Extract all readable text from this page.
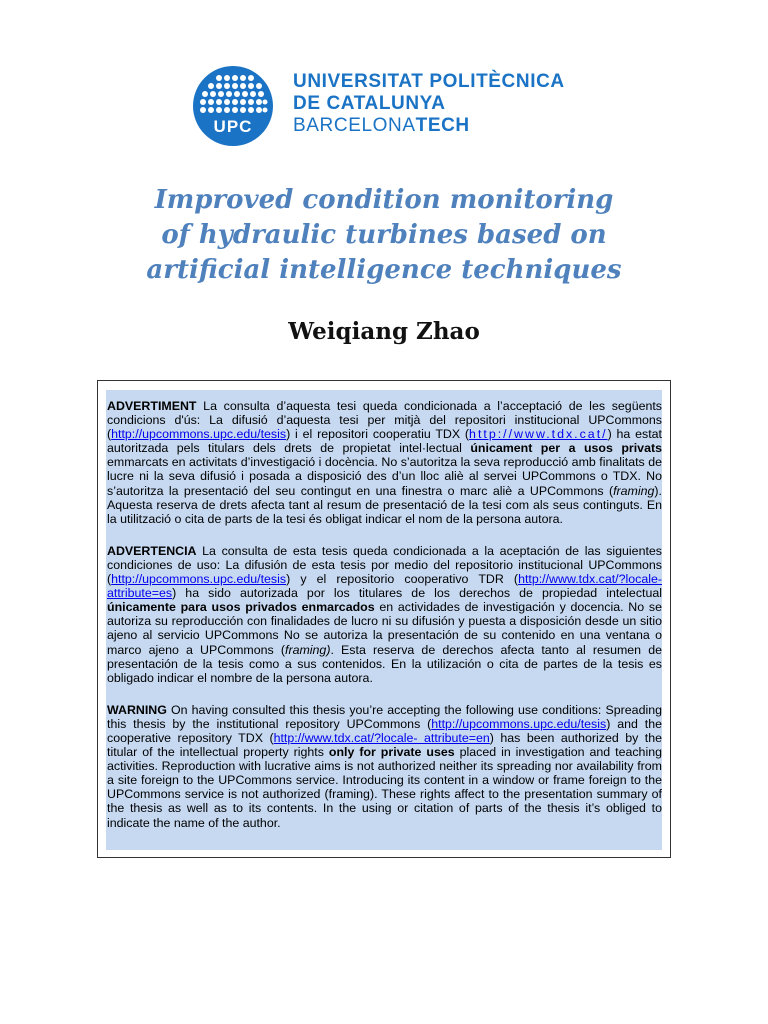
UPC
UNIVERSITAT POLITÈCNICA
DE CATALUNYA
BARCELONATECH
Improved condition monitoring
of hydraulic turbines based on
artificial intelligence techniques
Weiqiang Zhao

ADVERTIMENT La consulta d’aquesta tesi queda condicionada a l’acceptació de les següents condicions d'ús: La difusió d’aquesta tesi per mitjà del repositori institucional UPCommons (http://upcommons.upc.edu/tesis) i el repositori cooperatiu TDX (http://www.tdx.cat/) ha estat autoritzada pels titulars dels drets de propietat intel·lectual únicament per a usos privats emmarcats en activitats d’investigació i docència. No s’autoritza la seva reproducció amb finalitats de lucre ni la seva difusió i posada a disposició des d’un lloc aliè al servei UPCommons o TDX. No s’autoritza la presentació del seu contingut en una finestra o marc aliè a UPCommons (framing). Aquesta reserva de drets afecta tant al resum de presentació de la tesi com als seus continguts. En la utilització o cita de parts de la tesi és obligat indicar el nom de la persona autora.

ADVERTENCIA La consulta de esta tesis queda condicionada a la aceptación de las siguientes condiciones de uso: La difusión de esta tesis por medio del repositorio institucional UPCommons (http://upcommons.upc.edu/tesis) y el repositorio cooperativo TDR (http://www.tdx.cat/?locale-attribute=es) ha sido autorizada por los titulares de los derechos de propiedad intelectual únicamente para usos privados enmarcados en actividades de investigación y docencia. No se autoriza su reproducción con finalidades de lucro ni su difusión y puesta a disposición desde un sitio ajeno al servicio UPCommons No se autoriza la presentación de su contenido en una ventana o marco ajeno a UPCommons (framing). Esta reserva de derechos afecta tanto al resumen de presentación de la tesis como a sus contenidos. En la utilización o cita de partes de la tesis es obligado indicar el nombre de la persona autora.

WARNING On having consulted this thesis you’re accepting the following use conditions: Spreading this thesis by the institutional repository UPCommons (http://upcommons.upc.edu/tesis) and the cooperative repository TDX (http://www.tdx.cat/?locale- attribute=en) has been authorized by the titular of the intellectual property rights only for private uses placed in investigation and teaching activities. Reproduction with lucrative aims is not authorized neither its spreading nor availability from a site foreign to the UPCommons service. Introducing its content in a window or frame foreign to the UPCommons service is not authorized (framing). These rights affect to the presentation summary of the thesis as well as to its contents. In the using or citation of parts of the thesis it’s obliged to indicate the name of the author.
